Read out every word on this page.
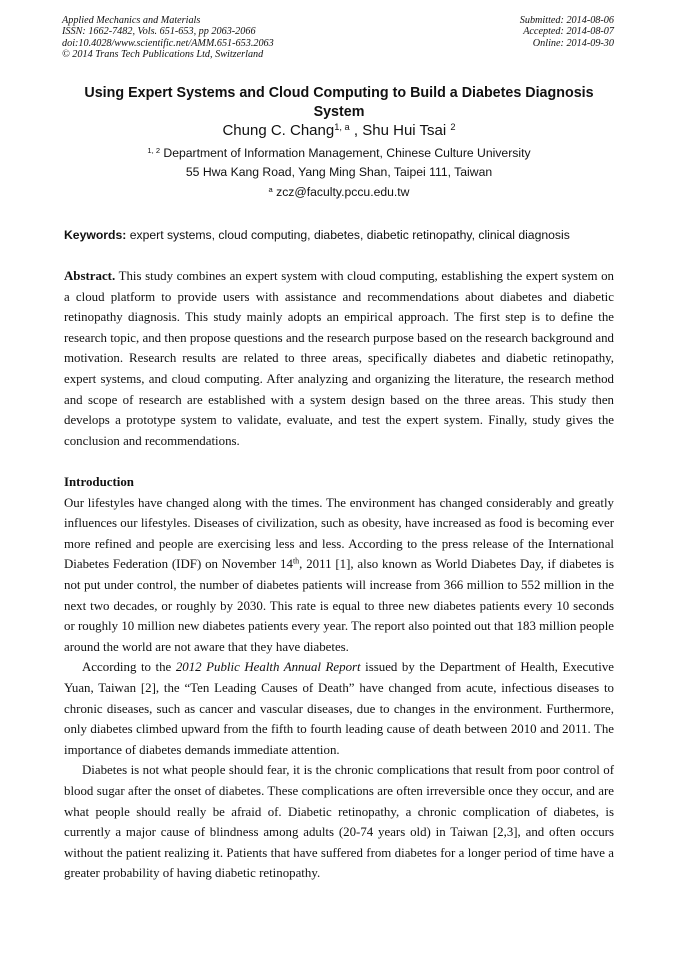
Applied Mechanics and Materials
ISSN: 1662-7482, Vols. 651-653, pp 2063-2066
doi:10.4028/www.scientific.net/AMM.651-653.2063
© 2014 Trans Tech Publications Ltd, Switzerland
Submitted: 2014-08-06
Accepted: 2014-08-07
Online: 2014-09-30
Using Expert Systems and Cloud Computing to Build a Diabetes Diagnosis System
Chung C. Chang$^{1, a}$ , Shu Hui Tsai $^2$
$^{1, 2}$ Department of Information Management, Chinese Culture University
55 Hwa Kang Road, Yang Ming Shan, Taipei 111, Taiwan
$^a$ zcz@faculty.pccu.edu.tw
Keywords: expert systems, cloud computing, diabetes, diabetic retinopathy, clinical diagnosis

Abstract. This study combines an expert system with cloud computing, establishing the expert system on a cloud platform to provide users with assistance and recommendations about diabetes and diabetic retinopathy diagnosis. This study mainly adopts an empirical approach. The first step is to define the research topic, and then propose questions and the research purpose based on the research background and motivation. Research results are related to three areas, specifically diabetes and diabetic retinopathy, expert systems, and cloud computing. After analyzing and organizing the literature, the research method and scope of research are established with a system design based on the three areas. This study then develops a prototype system to validate, evaluate, and test the expert system. Finally, study gives the conclusion and recommendations.

Introduction

Our lifestyles have changed along with the times. The environment has changed considerably and greatly influences our lifestyles. Diseases of civilization, such as obesity, have increased as food is becoming ever more refined and people are exercising less and less. According to the press release of the International Diabetes Federation (IDF) on November 14th, 2011 [1], also known as World Diabetes Day, if diabetes is not put under control, the number of diabetes patients will increase from 366 million to 552 million in the next two decades, or roughly by 2030. This rate is equal to three new diabetes patients every 10 seconds or roughly 10 million new diabetes patients every year. The report also pointed out that 183 million people around the world are not aware that they have diabetes.

According to the 2012 Public Health Annual Report issued by the Department of Health, Executive Yuan, Taiwan [2], the “Ten Leading Causes of Death” have changed from acute, infectious diseases to chronic diseases, such as cancer and vascular diseases, due to changes in the environment. Furthermore, only diabetes climbed upward from the fifth to fourth leading cause of death between 2010 and 2011. The importance of diabetes demands immediate attention.

Diabetes is not what people should fear, it is the chronic complications that result from poor control of blood sugar after the onset of diabetes. These complications are often irreversible once they occur, and are what people should really be afraid of. Diabetic retinopathy, a chronic complication of diabetes, is currently a major cause of blindness among adults (20-74 years old) in Taiwan [2,3], and often occurs without the patient realizing it. Patients that have suffered from diabetes for a longer period of time have a greater probability of having diabetic retinopathy.
